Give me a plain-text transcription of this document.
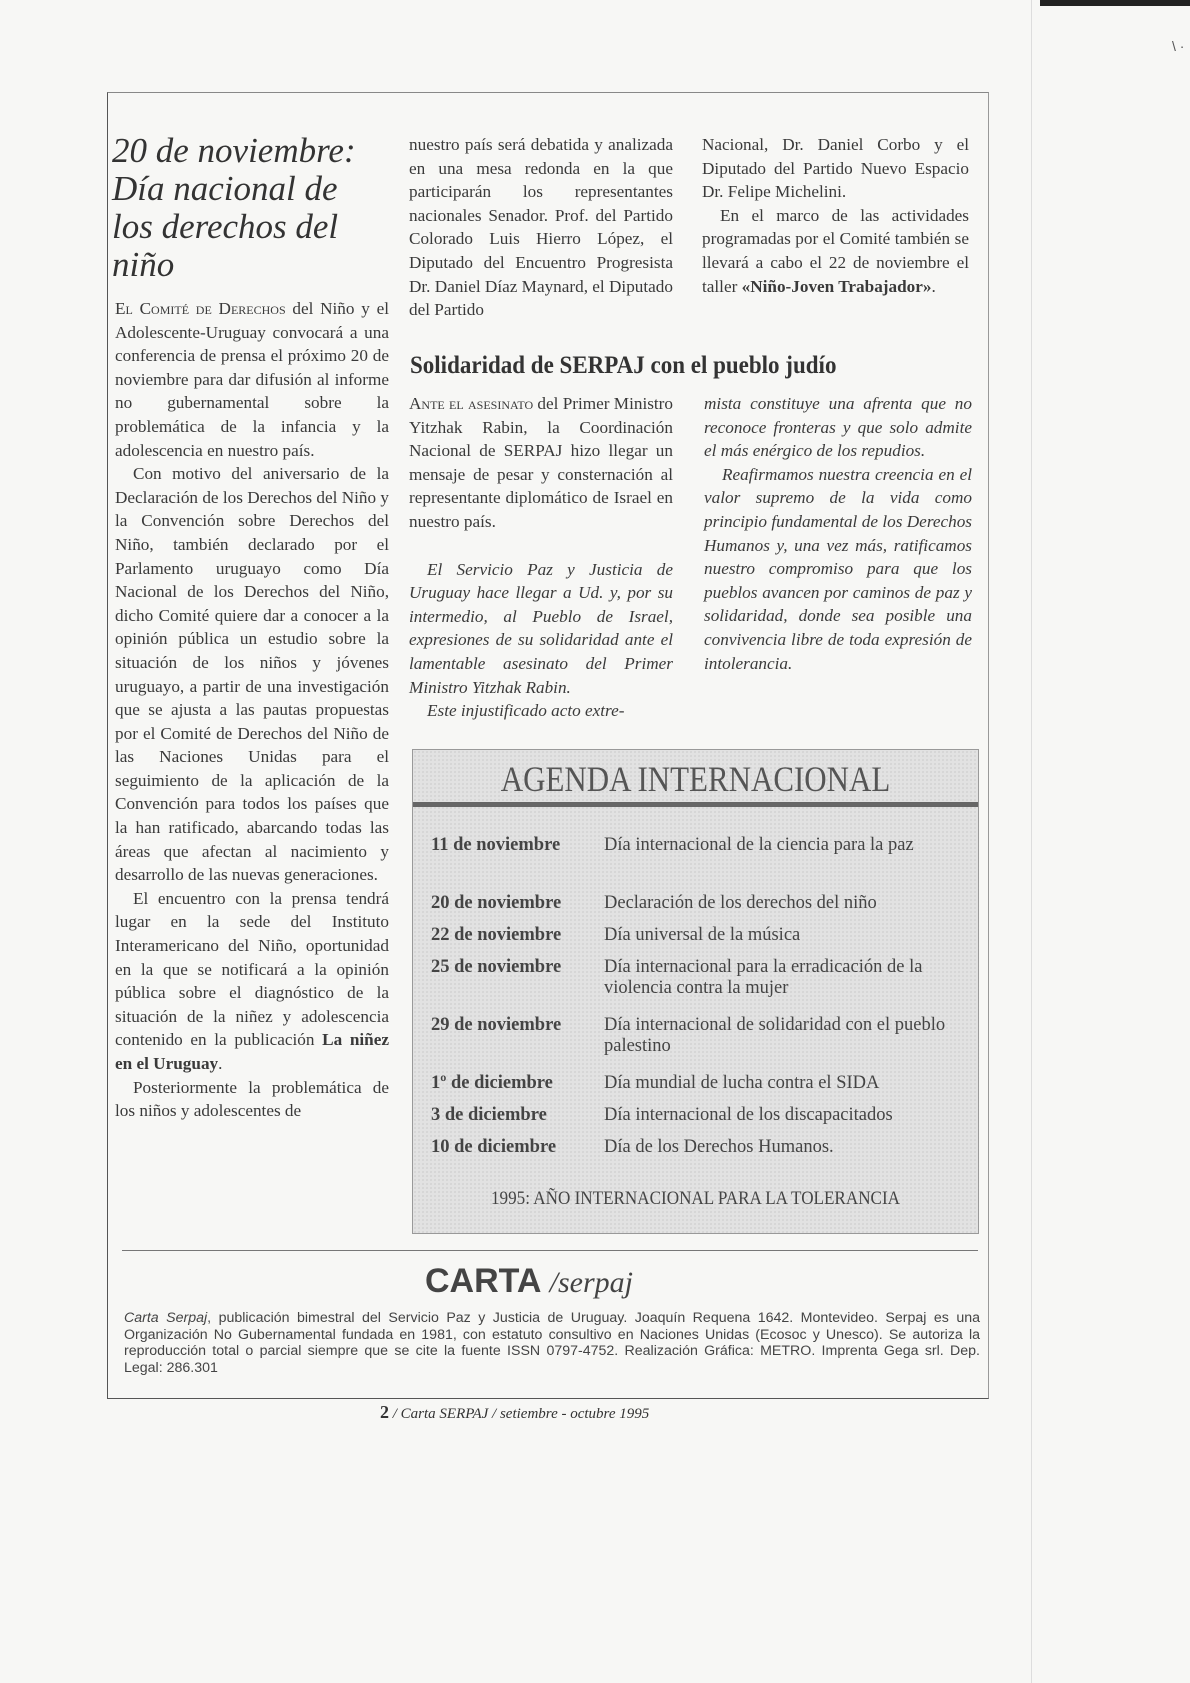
\ ·
20 de noviembre: Día nacional de los derechos del niño

El Comité de Derechos del Niño y el Adolescente-Uruguay convocará a una conferencia de prensa el próximo 20 de noviembre para dar difusión al informe no gubernamental sobre la problemática de la infancia y la adolescencia en nuestro país.

Con motivo del aniversario de la Declaración de los Derechos del Niño y la Convención sobre Derechos del Niño, también declarado por el Parlamento uruguayo como Día Nacional de los Derechos del Niño, dicho Comité quiere dar a conocer a la opinión pública un estudio sobre la situación de los niños y jóvenes uruguayo, a partir de una investigación que se ajusta a las pautas propuestas por el Comité de Derechos del Niño de las Naciones Unidas para el seguimiento de la aplicación de la Convención para todos los países que la han ratificado, abarcando todas las áreas que afectan al nacimiento y desarrollo de las nuevas generaciones.

El encuentro con la prensa tendrá lugar en la sede del Instituto Interamericano del Niño, oportunidad en la que se notificará a la opinión pública sobre el diagnóstico de la situación de la niñez y adolescencia contenido en la publicación La niñez en el Uruguay.

Posteriormente la problemática de los niños y adolescentes de

nuestro país será debatida y analizada en una mesa redonda en la que participarán los representantes nacionales Senador. Prof. del Partido Colorado Luis Hierro López, el Diputado del Encuentro Progresista Dr. Daniel Díaz Maynard, el Diputado del Partido

Nacional, Dr. Daniel Corbo y el Diputado del Partido Nuevo Espacio Dr. Felipe Michelini.

En el marco de las actividades programadas por el Comité también se llevará a cabo el 22 de noviembre el taller «Niño-Joven Trabajador».

Solidaridad de SERPAJ con el pueblo judío

Ante el asesinato del Primer Ministro Yitzhak Rabin, la Coordinación Nacional de SERPAJ hizo llegar un mensaje de pesar y consternación al representante diplomático de Israel en nuestro país.

El Servicio Paz y Justicia de Uruguay hace llegar a Ud. y, por su intermedio, al Pueblo de Israel, expresiones de su solidaridad ante el lamentable asesinato del Primer Ministro Yitzhak Rabin.

Este injustificado acto extre-

mista constituye una afrenta que no reconoce fronteras y que solo admite el más enérgico de los repudios.

Reafirmamos nuestra creencia en el valor supremo de la vida como principio fundamental de los Derechos Humanos y, una vez más, ratificamos nuestro compromiso para que los pueblos avancen por caminos de paz y solidaridad, donde sea posible una convivencia libre de toda expresión de intolerancia.

AGENDA INTERNACIONAL
11 de noviembre	Día internacional de la ciencia para la paz
20 de noviembre	Declaración de los derechos del niño
22 de noviembre	Día universal de la música
25 de noviembre	Día internacional para la erradicación de la violencia contra la mujer
29 de noviembre	Día internacional de solidaridad con el pueblo palestino
1º de diciembre	Día mundial de lucha contra el SIDA
3 de diciembre	Día internacional de los discapacitados
10 de diciembre	Día de los Derechos Humanos.
1995: AÑO INTERNACIONAL PARA LA TOLERANCIA
CARTA /serpaj
Carta Serpaj, publicación bimestral del Servicio Paz y Justicia de Uruguay. Joaquín Requena 1642. Montevideo. Serpaj es una Organización No Gubernamental fundada en 1981, con estatuto consultivo en Naciones Unidas (Ecosoc y Unesco). Se autoriza la reproducción total o parcial siempre que se cite la fuente ISSN 0797-4752. Realización Gráfica: METRO. Imprenta Gega srl. Dep. Legal: 286.301
2 / Carta SERPAJ / setiembre - octubre 1995
